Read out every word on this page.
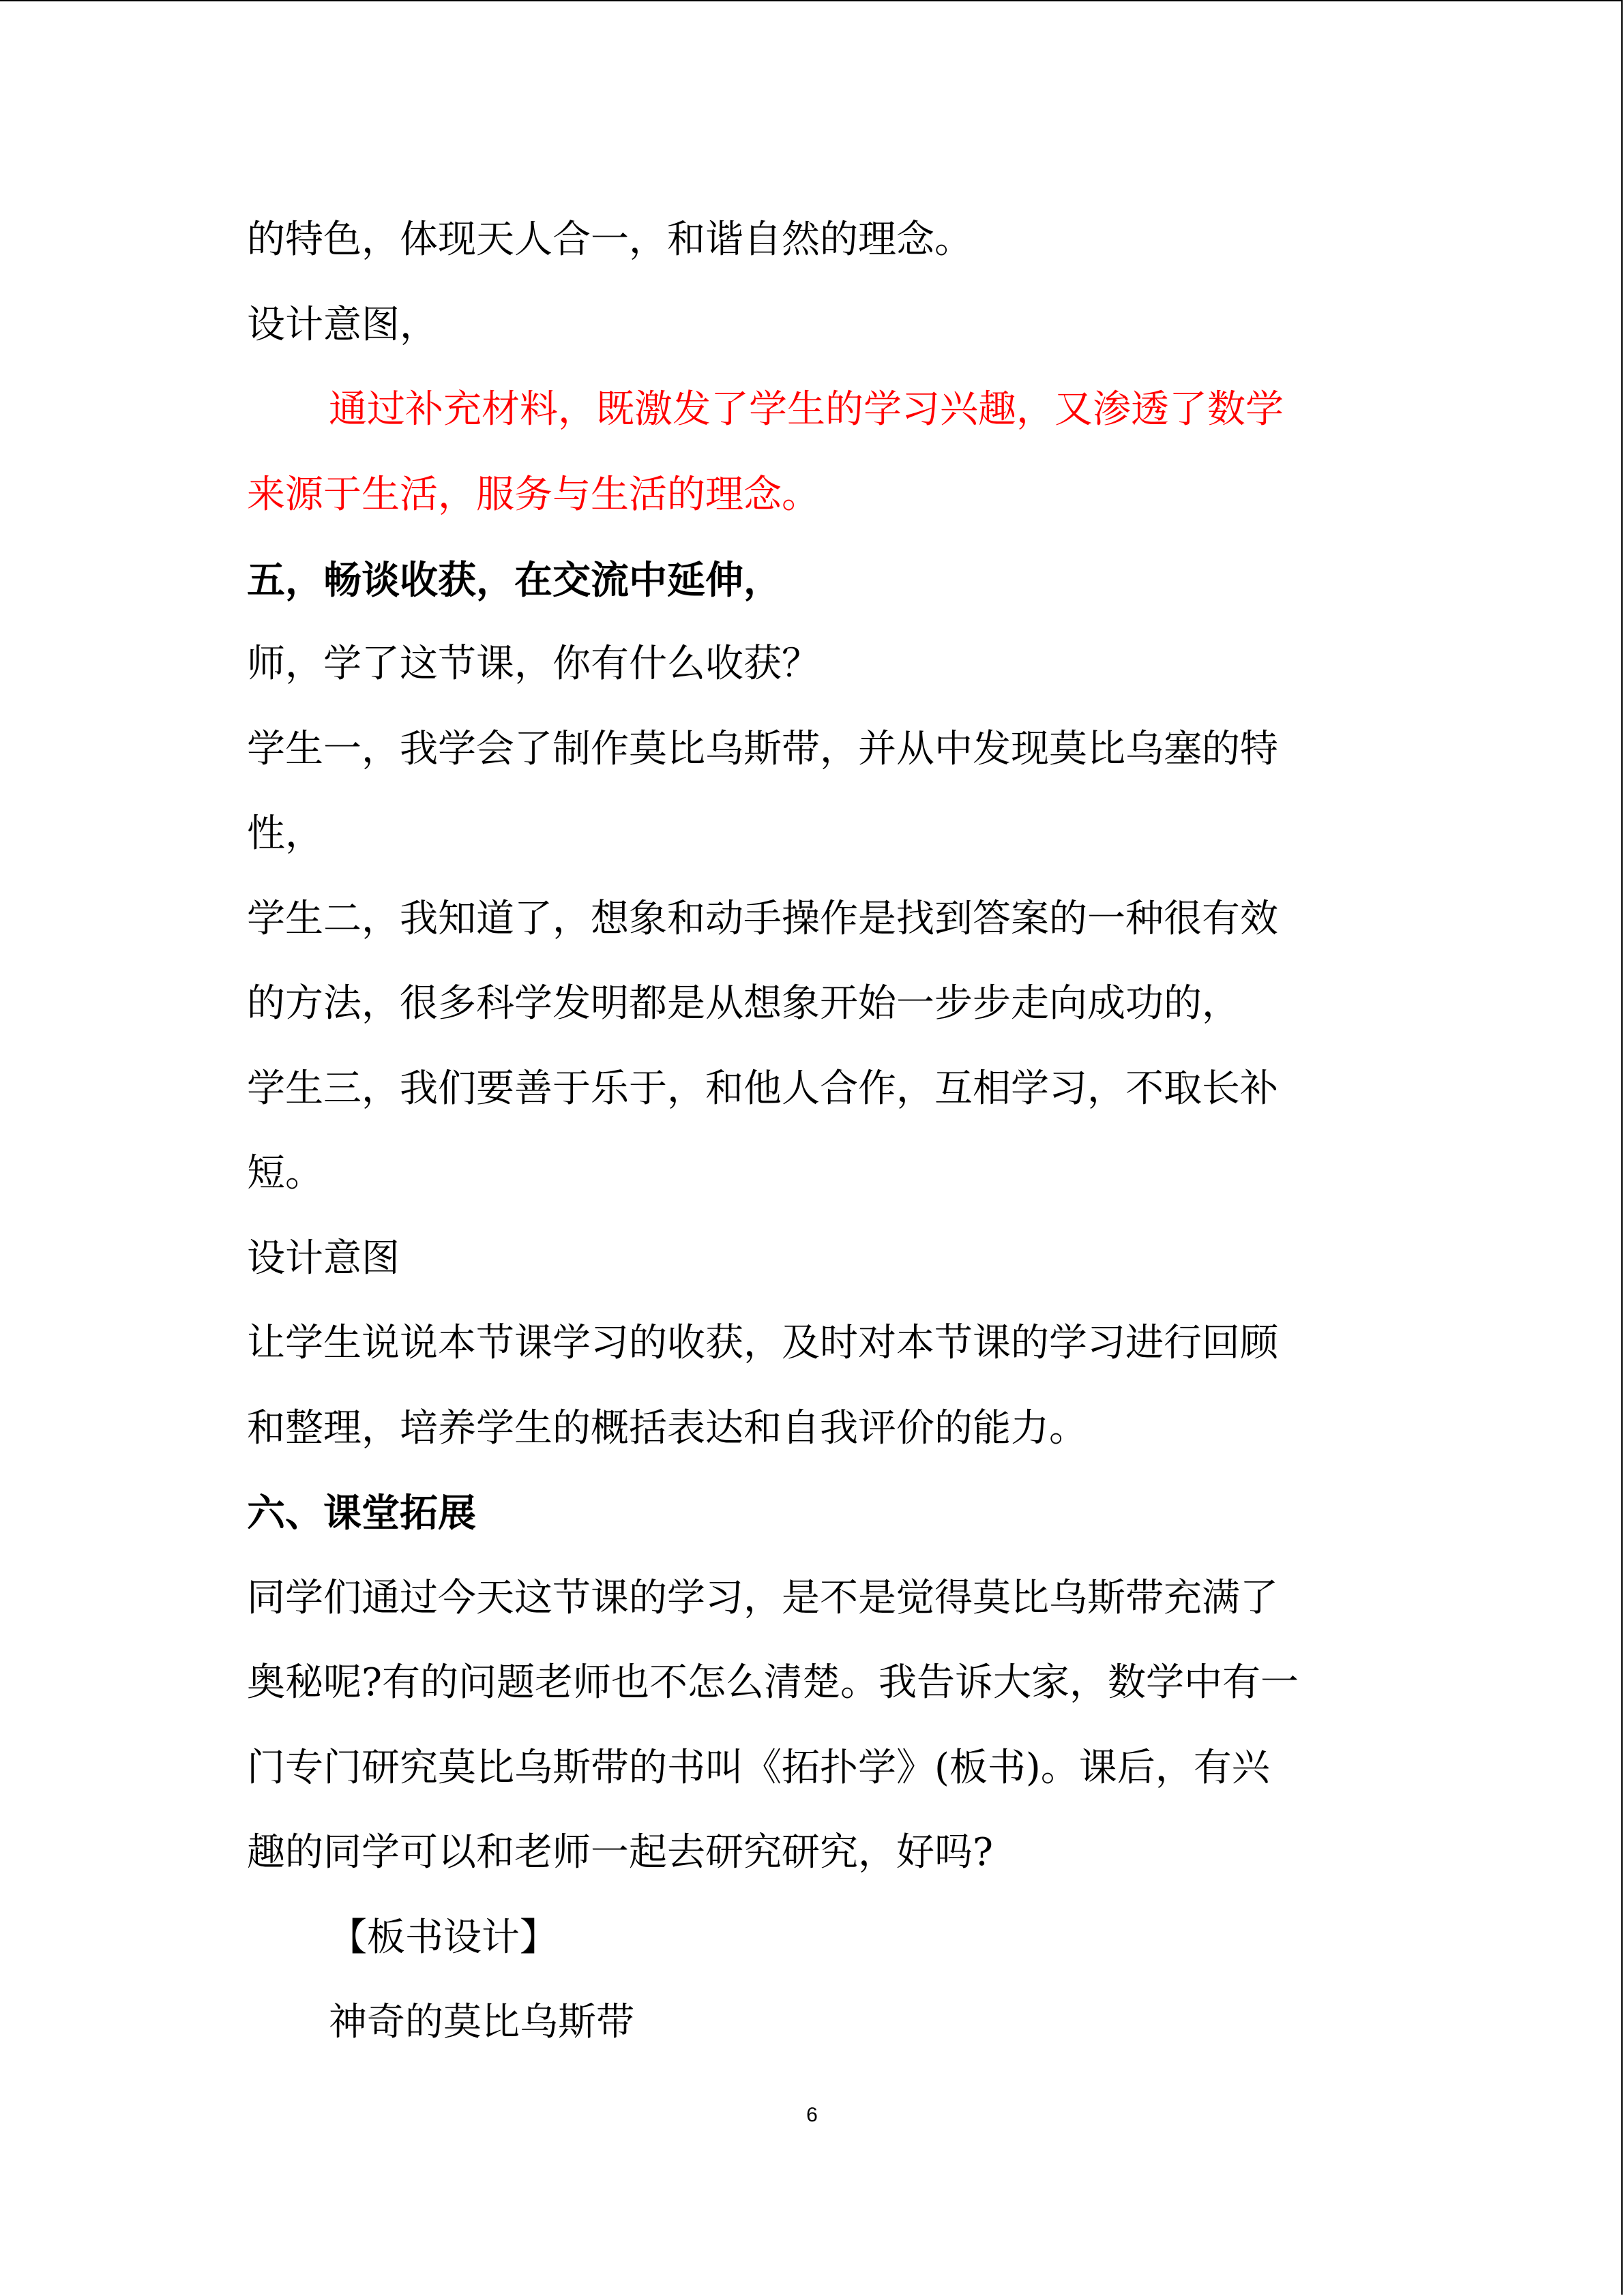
的特色，体现天人合一，和谐自然的理念。
设计意图，
通过补充材料，既激发了学生的学习兴趣，又渗透了数学
来源于生活，服务与生活的理念。
五，畅谈收获，在交流中延伸，
师，学了这节课，你有什么收获？
学生一，我学会了制作莫比乌斯带，并从中发现莫比乌塞的特
性，
学生二，我知道了，想象和动手操作是找到答案的一种很有效
的方法，很多科学发明都是从想象开始一步步走向成功的，
学生三，我们要善于乐于，和他人合作，互相学习，不取长补
短。
设计意图
让学生说说本节课学习的收获，及时对本节课的学习进行回顾
和整理，培养学生的概括表达和自我评价的能力。
六、课堂拓展
同学们通过今天这节课的学习，是不是觉得莫比乌斯带充满了
奥秘呢?有的问题老师也不怎么清楚。我告诉大家，数学中有一
门专门研究莫比乌斯带的书叫《拓扑学》(板书)。课后，有兴
趣的同学可以和老师一起去研究研究，好吗?
【板书设计】
神奇的莫比乌斯带
6
